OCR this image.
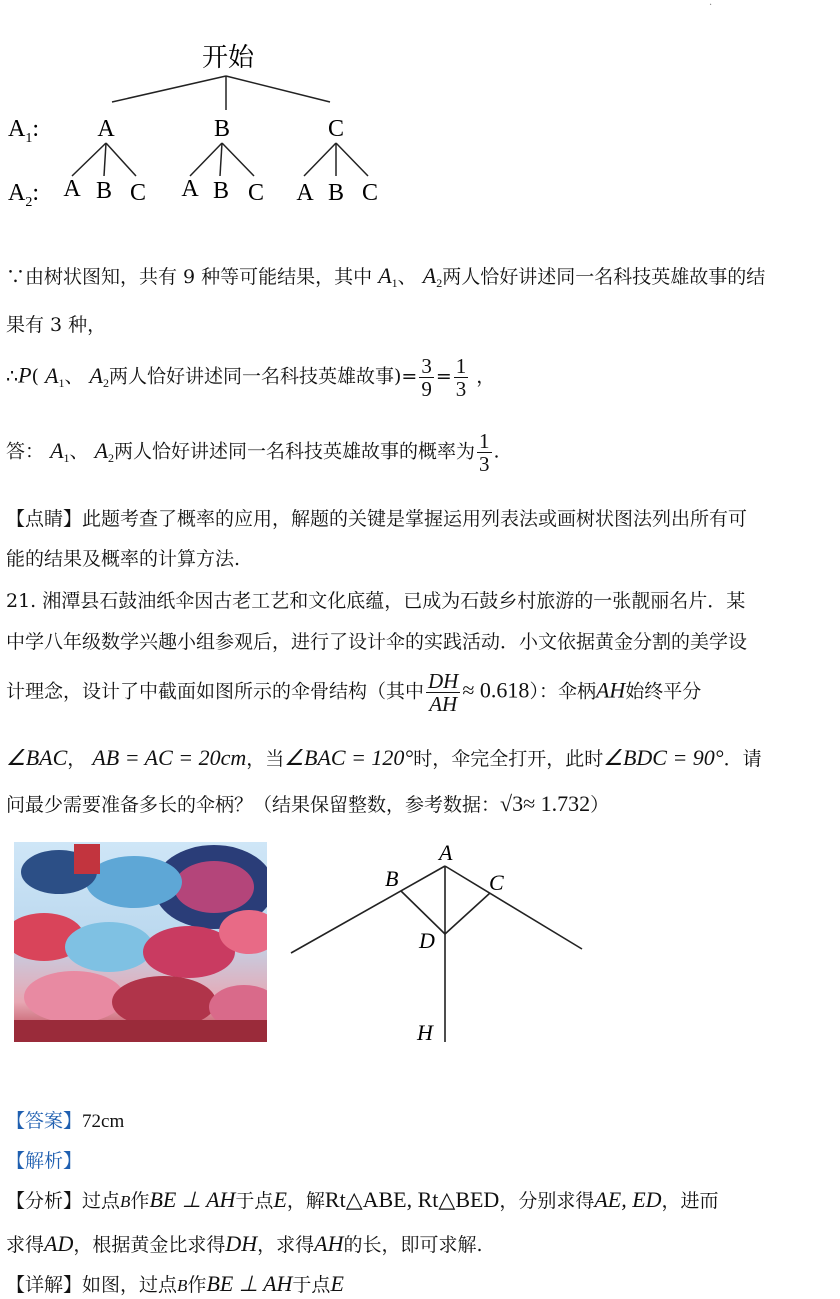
·
开始
$A_1$: A	B	C
$A_2$: A B C A B C A B C
∵由树状图知，共有 9 种等可能结果，其中 $A_1$、 $A_2$两人恰好讲述同一名科技英雄故事的结
果有 3 种，
∴P( $A_1$、 $A_2$两人恰好讲述同一名科技英雄故事)= $\frac{3}{9} = \frac{1}{3}$ ，
答： $A_1$、 $A_2$两人恰好讲述同一名科技英雄故事的概率为 $\frac{1}{3}$ .
【点睛】此题考查了概率的应用，解题的关键是掌握运用列表法或画树状图法列出所有可
能的结果及概率的计算方法.
21. 湘潭县石鼓油纸伞因古老工艺和文化底蕴，已成为石鼓乡村旅游的一张靓丽名片．某
中学八年级数学兴趣小组参观后，进行了设计伞的实践活动．小文依据黄金分割的美学设
计理念，设计了中截面如图所示的伞骨结构（其中 $\frac{DH}{AH} \approx 0.618$）：伞柄AH始终平分
∠BAC， AB = AC = 20cm，当∠BAC = 120°时，伞完全打开，此时∠BDC = 90°．请
问最少需要准备多长的伞柄？（结果保留整数，参考数据：√3≈ 1.732）
A
B	C
D
H
【答案】72cm
【解析】
【分析】过点B作BE ⊥ AH于点E，解Rt△ABE, Rt△BED，分别求得AE, ED，进而
求得AD，根据黄金比求得DH，求得AH的长，即可求解.
【详解】如图，过点B作BE ⊥ AH于点E
